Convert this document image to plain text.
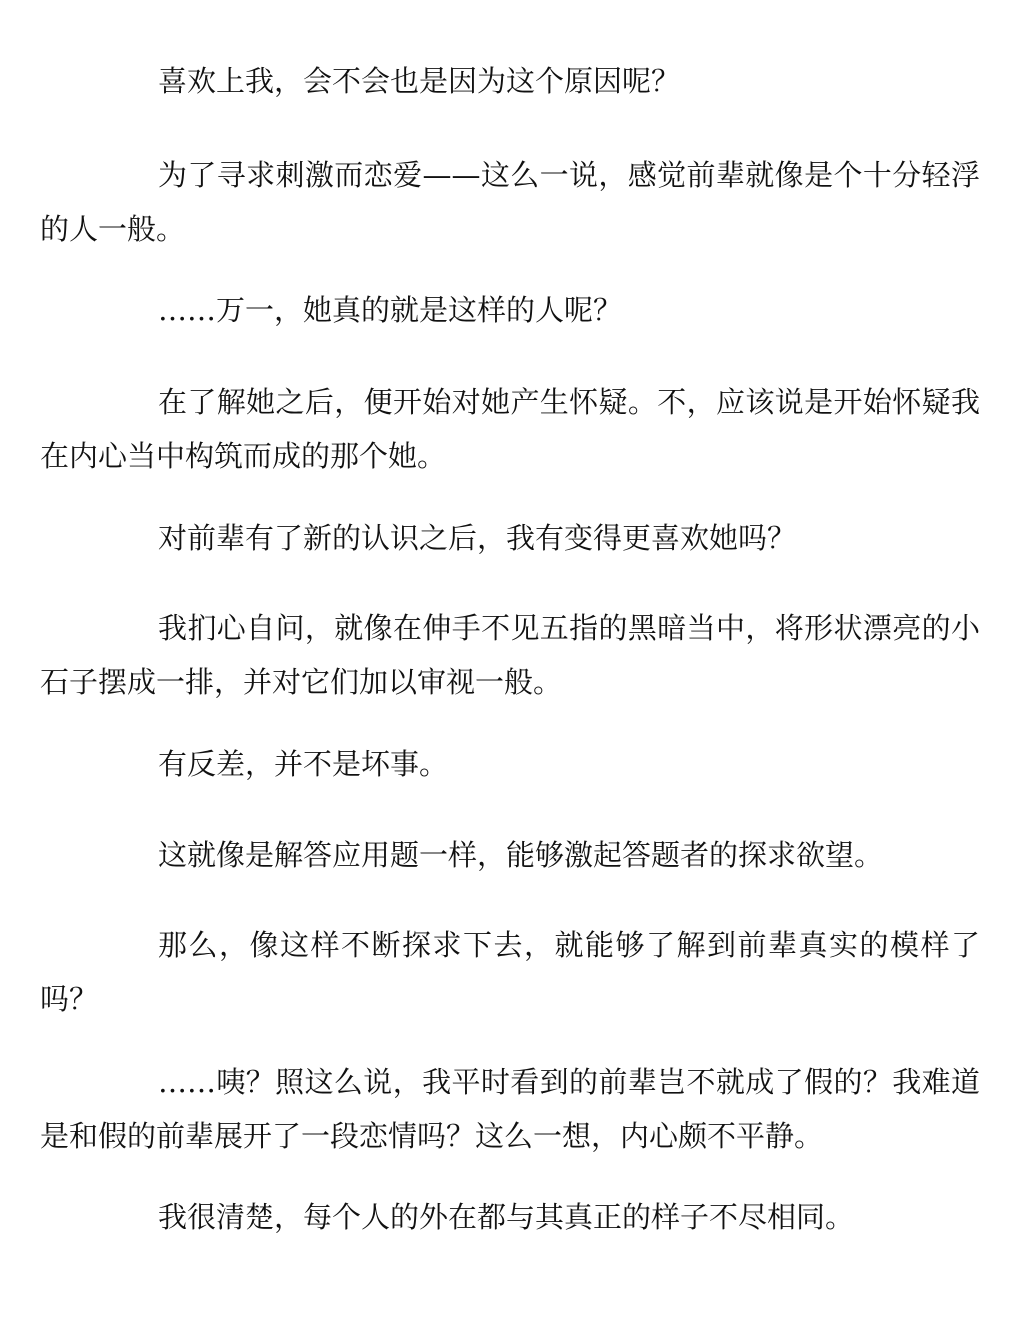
喜欢上我，会不会也是因为这个原因呢？

为了寻求刺激而恋爱——这么一说，感觉前辈就像是个十分轻浮的人一般。

……万一，她真的就是这样的人呢？

在了解她之后，便开始对她产生怀疑。不，应该说是开始怀疑我在内心当中构筑而成的那个她。

对前辈有了新的认识之后，我有变得更喜欢她吗？

我扪心自问，就像在伸手不见五指的黑暗当中，将形状漂亮的小石子摆成一排，并对它们加以审视一般。

有反差，并不是坏事。

这就像是解答应用题一样，能够激起答题者的探求欲望。

那么，像这样不断探求下去，就能够了解到前辈真实的模样了吗？

……咦？照这么说，我平时看到的前辈岂不就成了假的？我难道是和假的前辈展开了一段恋情吗？这么一想，内心颇不平静。

我很清楚，每个人的外在都与其真正的样子不尽相同。
